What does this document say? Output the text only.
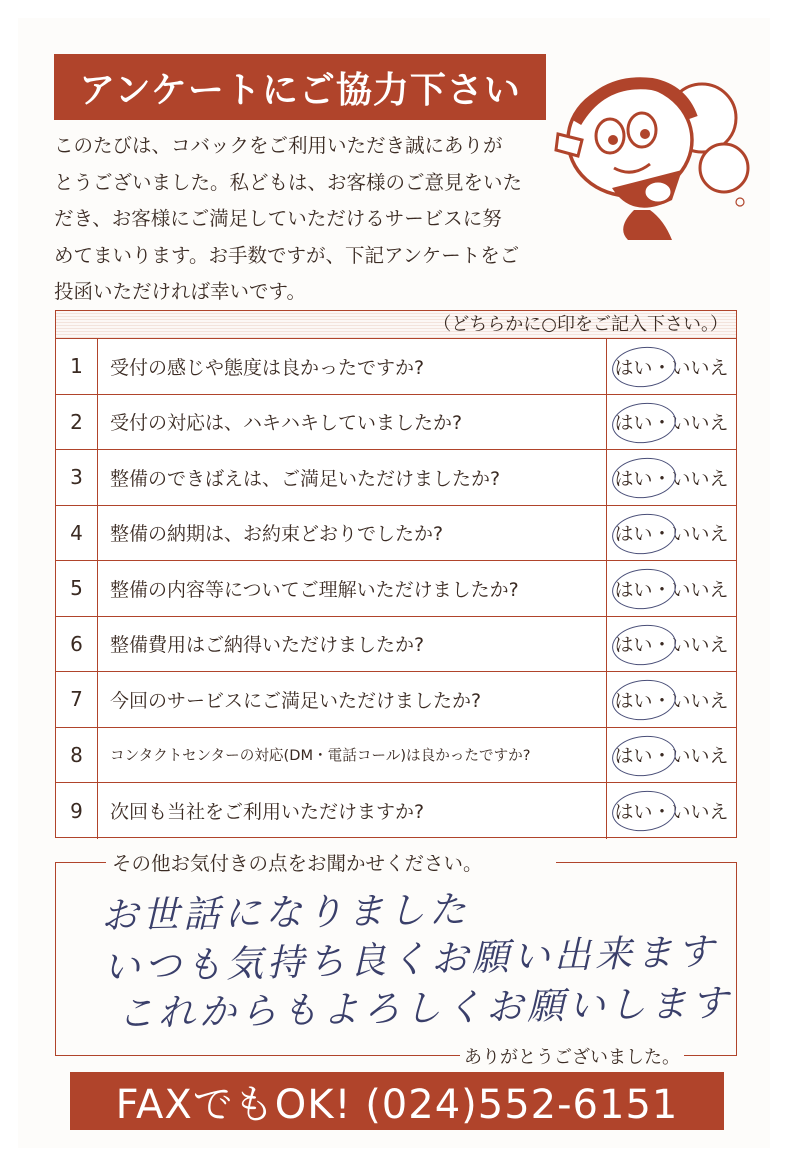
アンケートにご協力下さい

このたびは、コバックをご利用いただき誠にありが
とうございました。私どもは、お客様のご意見をいた
だき、お客様にご満足していただけるサービスに努
めてまいります。お手数ですが、下記アンケートをご
投函いただければ幸いです。

（どちらかに○印をご記入下さい。）
1	受付の感じや態度は良かったですか?	はい・いいえ
2	受付の対応は、ハキハキしていましたか?	はい・いいえ
3	整備のできばえは、ご満足いただけましたか?	はい・いいえ
4	整備の納期は、お約束どおりでしたか?	はい・いいえ
5	整備の内容等についてご理解いただけましたか?	はい・いいえ
6	整備費用はご納得いただけましたか?	はい・いいえ
7	今回のサービスにご満足いただけましたか?	はい・いいえ
8	コンタクトセンターの対応(DM・電話コール)は良かったですか?	はい・いいえ
9	次回も当社をご利用いただけますか?	はい・いいえ
その他お気付きの点をお聞かせください。
お世話になりました
いつも気持ち良くお願い出来ます
これからもよろしくお願いします
ありがとうございました。
FAXでもOK! (024)552-6151
